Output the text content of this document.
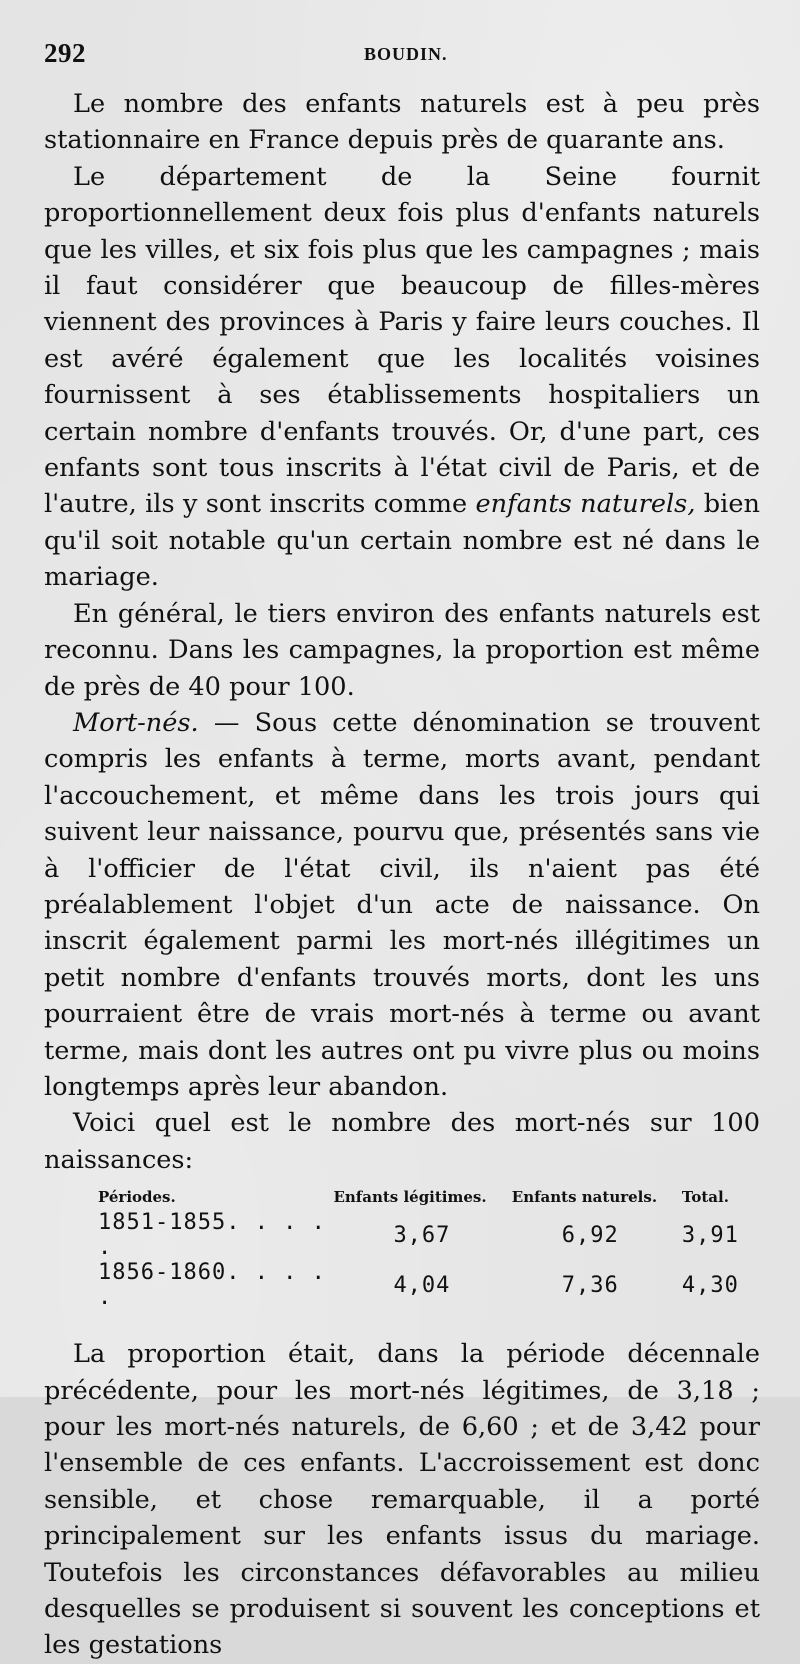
292	BOUDIN.

Le nombre des enfants naturels est à peu près stationnaire en France depuis près de quarante ans.

Le département de la Seine fournit proportionnellement deux fois plus d'enfants naturels que les villes, et six fois plus que les campagnes ; mais il faut considérer que beaucoup de filles-mères viennent des provinces à Paris y faire leurs couches. Il est avéré également que les localités voisines fournissent à ses établissements hospitaliers un certain nombre d'enfants trouvés. Or, d'une part, ces enfants sont tous inscrits à l'état civil de Paris, et de l'autre, ils y sont inscrits comme enfants naturels, bien qu'il soit notable qu'un certain nombre est né dans le mariage.

En général, le tiers environ des enfants naturels est reconnu. Dans les campagnes, la proportion est même de près de 40 pour 100.

Mort-nés. — Sous cette dénomination se trouvent compris les enfants à terme, morts avant, pendant l'accouchement, et même dans les trois jours qui suivent leur naissance, pourvu que, présentés sans vie à l'officier de l'état civil, ils n'aient pas été préalablement l'objet d'un acte de naissance. On inscrit également parmi les mort-nés illégitimes un petit nombre d'enfants trouvés morts, dont les uns pourraient être de vrais mort-nés à terme ou avant terme, mais dont les autres ont pu vivre plus ou moins longtemps après leur abandon.

Voici quel est le nombre des mort-nés sur 100 naissances:

Périodes.	Enfants légitimes.	Enfants naturels.	Total.
1851-1855. . . . .	3,67	6,92	3,91
1856-1860. . . . .	4,04	7,36	4,30

La proportion était, dans la période décennale précédente, pour les mort-nés légitimes, de 3,18 ; pour les mort-nés naturels, de 6,60 ; et de 3,42 pour l'ensemble de ces enfants. L'accroissement est donc sensible, et chose remarquable, il a porté principalement sur les enfants issus du mariage. Toutefois les circonstances défavorables au milieu desquelles se produisent si souvent les conceptions et les gestations
